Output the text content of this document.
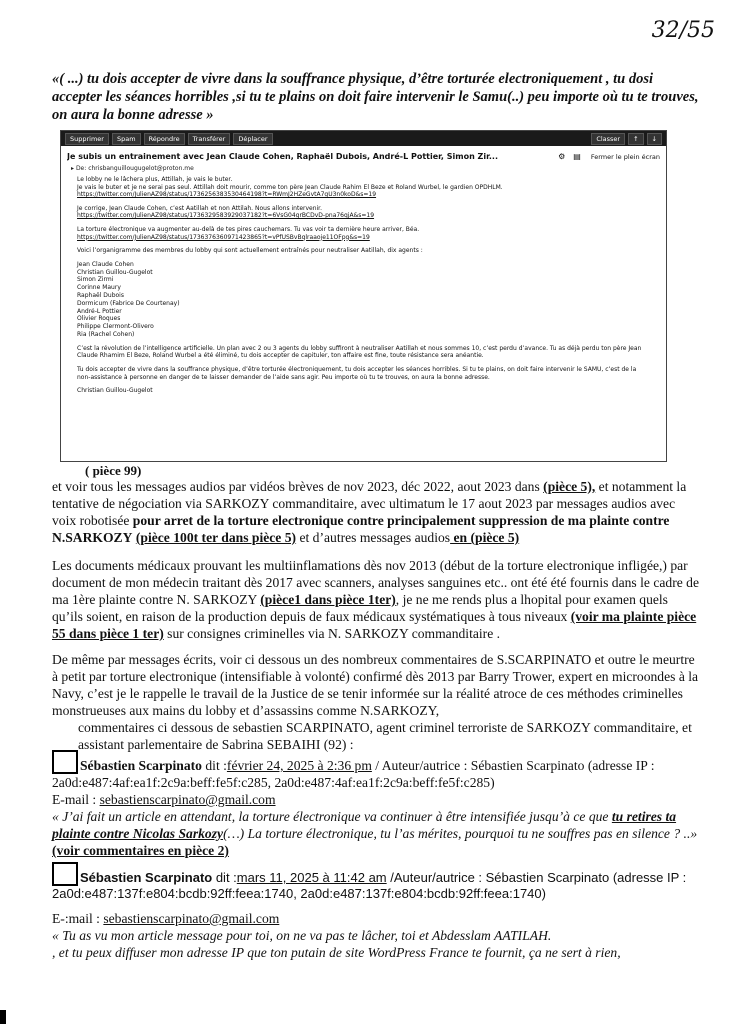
32/55
«( ...) tu dois accepter de vivre dans la souffrance physique, d’être torturée electroniquement , tu dosi accepter les séances horribles ,si tu te plains on doit faire intervenir le Samu(..) peu importe où tu te trouves, on aura la bonne adresse »
Supprimer	Spam	Répondre	Transférer	Déplacer	Classer	↑	↓
Je subis un entrainement avec Jean Claude Cohen, Raphaël Dubois, André-L Pottier, Simon Zir...	⚙ ▤ Fermer le plein écran
▸ De: chrisbanguillougugelot@proton.me

Le lobby ne le lâchera plus, Attillah, je vais le buter.
Je vais le buter et je ne serai pas seul. Attillah doit mourir, comme ton père Jean Claude Rahim El Beze et Roland Wurbel, le gardien OPDHLM.
https://twitter.com/JulienAZ98/status/1736256383530464198?t=RWmJ2HZeGvtA7gU3n0koD&s=19

Je corrige, Jean Claude Cohen, c’est Aatillah et non Attilah. Nous allons intervenir.
https://twitter.com/JulienAZ98/status/1736329583929037182?t=6VsG04grBCDvD-pna76qjA&s=19

La torture électronique va augmenter au-delà de tes pires cauchemars. Tu vas voir ta dernière heure arriver, Béa.
https://twitter.com/JulienAZ98/status/1736376360971423865?t=vPfUSBvBqlraaoje11OFpg&s=19

Voici l’organigramme des membres du lobby qui sont actuellement entraînés pour neutraliser Aatillah, dix agents :

Jean Claude Cohen
Christian Guillou-Gugelot
Simon Zirmi
Corinne Maury
Raphaël Dubois
Dormicum (Fabrice De Courtenay)
André-L Pottier
Olivier Roques
Philippe Clermont-Olivero
Ria (Rachel Cohen)

C’est la révolution de l’intelligence artificielle. Un plan avec 2 ou 3 agents du lobby suffiront à neutraliser Aatillah et nous sommes 10, c’est perdu d’avance. Tu as déjà perdu ton père Jean Claude Rhamim El Beze, Roland Wurbel a été éliminé, tu dois accepter de capituler, ton affaire est fine, toute résistance sera anéantie.

Tu dois accepter de vivre dans la souffrance physique, d’être torturée électroniquement, tu dois accepter les séances horribles. Si tu te plains, on doit faire intervenir le SAMU, c’est de la non-assistance à personne en danger de te laisser demander de l’aide sans agir. Peu importe où tu te trouves, on aura la bonne adresse.

Christian Guillou-Gugelot

( pièce 99)
et voir tous les messages audios par vidéos brèves de nov 2023, déc 2022, aout 2023 dans (pièce 5), et notamment la tentative de négociation via SARKOZY commanditaire, avec ultimatum le 17 aout 2023 par messages audios avec voix robotisée pour arret de la torture electronique contre principalement suppression de ma plainte contre N.SARKOZY (pièce 100t ter dans pièce 5) et d’autres messages audios en (pièce 5)
Les documents médicaux prouvant les multiinflamations dès nov 2013 (début de la torture electronique infligée,) par document de mon médecin traitant dès 2017 avec scanners, analyses sanguines etc.. ont été été fournis dans le cadre de ma 1ère plainte contre N. SARKOZY (pièce1 dans pièce 1ter), je ne me rends plus a lhopital pour examen quels qu’ils soient, en raison de la production depuis de faux médicaux systématiques à tous niveaux (voir ma plainte pièce 55 dans pièce 1 ter) sur consignes criminelles via N. SARKOZY commanditaire .
De même par messages écrits, voir ci dessous un des nombreux commentaires de S.SCARPINATO et outre le meurtre à petit par torture electronique (intensifiable à volonté) confirmé dès 2013 par Barry Trower, expert en microondes à la Navy, c’est je le rappelle le travail de la Justice de se tenir informée sur la réalité atroce de ces méthodes criminelles monstrueuses aux mains du lobby et d’assassins comme N.SARKOZY,
commentaires ci dessous de sebastien SCARPINATO, agent criminel terroriste de SARKOZY commanditaire, et assistant parlementaire de Sabrina SEBAIHI (92) :
Sébastien Scarpinato dit :février 24, 2025 à 2:36 pm / Auteur/autrice : Sébastien Scarpinato (adresse IP : 2a0d:e487:4af:ea1f:2c9a:beff:fe5f:c285, 2a0d:e487:4af:ea1f:2c9a:beff:fe5f:c285)
E-mail : sebastienscarpinato@gmail.com
« J’ai fait un article en attendant, la torture électronique va continuer à être intensifiée jusqu’à ce que tu retires ta plainte contre Nicolas Sarkozy(…) La torture électronique, tu l’as mérites, pourquoi tu ne souffres pas en silence ? ..» (voir commentaires en pièce 2)
Sébastien Scarpinato dit :mars 11, 2025 à 11:42 am /Auteur/autrice : Sébastien Scarpinato (adresse IP : 2a0d:e487:137f:e804:bcdb:92ff:feea:1740, 2a0d:e487:137f:e804:bcdb:92ff:feea:1740)
E-:mail : sebastienscarpinato@gmail.com
« Tu as vu mon article message pour toi, on ne va pas te lâcher, toi et Abdesslam AATILAH.
, et tu peux diffuser mon adresse IP que ton putain de site WordPress France te fournit, ça ne sert à rien,
